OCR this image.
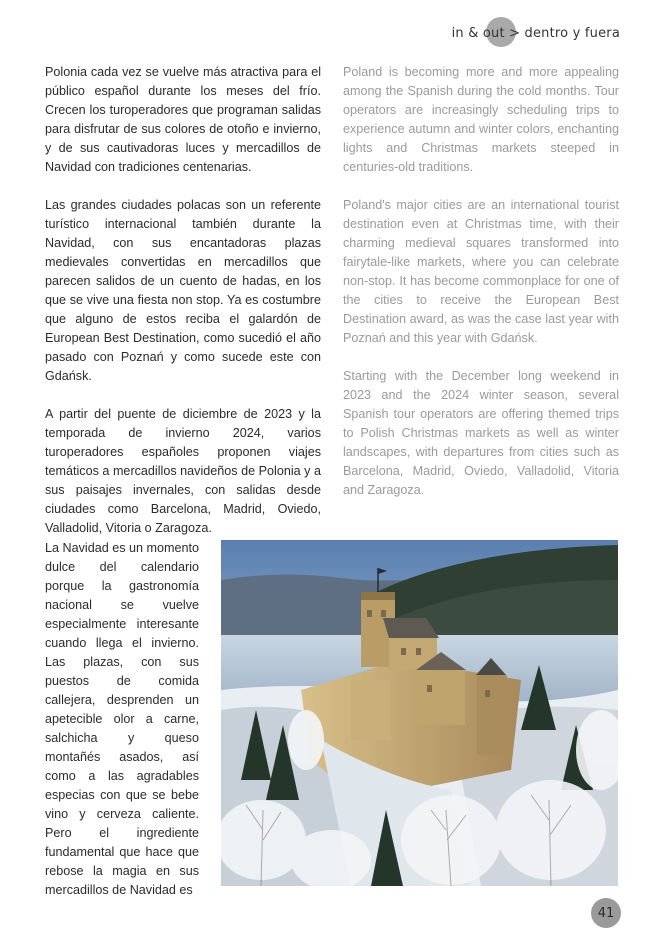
in & out > dentro y fuera

Polonia cada vez se vuelve más atractiva para el público español durante los meses del frío. Crecen los turoperadores que programan salidas para disfrutar de sus colores de otoño e invierno, y de sus cautivadoras luces y mercadillos de Navidad con tradiciones centenarias.

Las grandes ciudades polacas son un referente turístico internacional también durante la Navidad, con sus encantadoras plazas medievales convertidas en mercadillos que parecen salidos de un cuento de hadas, en los que se vive una fiesta non stop. Ya es costumbre que alguno de estos reciba el galardón de European Best Destination, como sucedió el año pasado con Poznań y como sucede este con Gdańsk.

A partir del puente de diciembre de 2023 y la temporada de invierno 2024, varios turoperadores españoles proponen viajes temáticos a mercadillos navideños de Polonia y a sus paisajes invernales, con salidas desde ciudades como Barcelona, Madrid, Oviedo, Valladolid, Vitoria o Zaragoza.

Poland is becoming more and more appealing among the Spanish during the cold months. Tour operators are increasingly scheduling trips to experience autumn and winter colors, enchanting lights and Christmas markets steeped in centuries-old traditions.

Poland's major cities are an international tourist destination even at Christmas time, with their charming medieval squares transformed into fairytale-like markets, where you can celebrate non-stop. It has become commonplace for one of the cities to receive the European Best Destination award, as was the case last year with Poznań and this year with Gdańsk.

Starting with the December long weekend in 2023 and the 2024 winter season, several Spanish tour operators are offering themed trips to Polish Christmas markets as well as winter landscapes, with departures from cities such as Barcelona, Madrid, Oviedo, Valladolid, Vitoria and Zaragoza.

La Navidad es un momento dulce del calendario porque la gastronomía nacional se vuelve especialmente interesante cuando llega el invierno. Las plazas, con sus puestos de comida callejera, desprenden un apetecible olor a carne, salchicha y queso montañés asados, así como a las agradables especias con que se bebe vino y cerveza caliente. Pero el ingrediente fundamental que hace que rebose la magia en sus mercadillos de Navidad es

41
